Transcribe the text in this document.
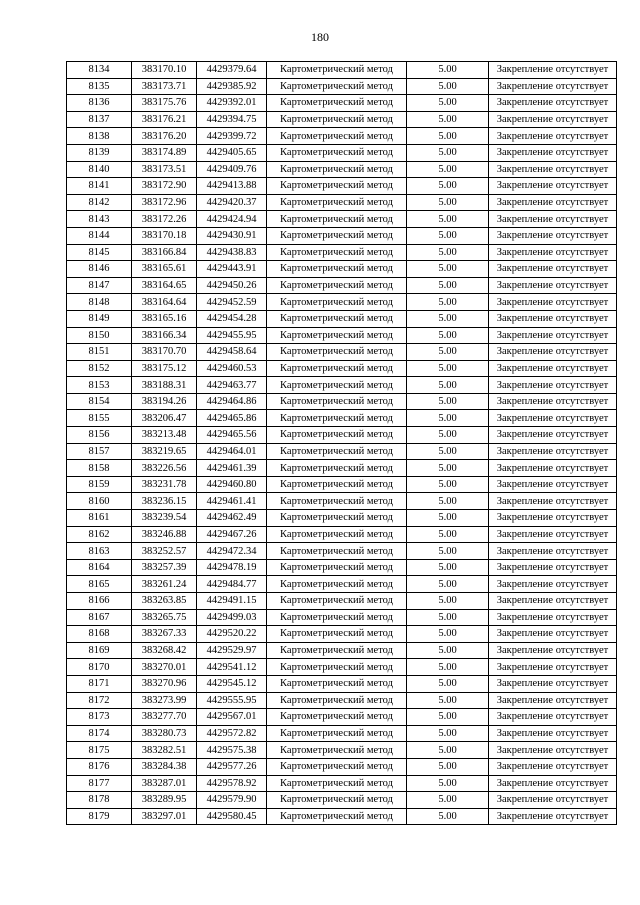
180
8134	383170.10	4429379.64	Картометрический метод	5.00	Закрепление отсутствует
8135	383173.71	4429385.92	Картометрический метод	5.00	Закрепление отсутствует
8136	383175.76	4429392.01	Картометрический метод	5.00	Закрепление отсутствует
8137	383176.21	4429394.75	Картометрический метод	5.00	Закрепление отсутствует
8138	383176.20	4429399.72	Картометрический метод	5.00	Закрепление отсутствует
8139	383174.89	4429405.65	Картометрический метод	5.00	Закрепление отсутствует
8140	383173.51	4429409.76	Картометрический метод	5.00	Закрепление отсутствует
8141	383172.90	4429413.88	Картометрический метод	5.00	Закрепление отсутствует
8142	383172.96	4429420.37	Картометрический метод	5.00	Закрепление отсутствует
8143	383172.26	4429424.94	Картометрический метод	5.00	Закрепление отсутствует
8144	383170.18	4429430.91	Картометрический метод	5.00	Закрепление отсутствует
8145	383166.84	4429438.83	Картометрический метод	5.00	Закрепление отсутствует
8146	383165.61	4429443.91	Картометрический метод	5.00	Закрепление отсутствует
8147	383164.65	4429450.26	Картометрический метод	5.00	Закрепление отсутствует
8148	383164.64	4429452.59	Картометрический метод	5.00	Закрепление отсутствует
8149	383165.16	4429454.28	Картометрический метод	5.00	Закрепление отсутствует
8150	383166.34	4429455.95	Картометрический метод	5.00	Закрепление отсутствует
8151	383170.70	4429458.64	Картометрический метод	5.00	Закрепление отсутствует
8152	383175.12	4429460.53	Картометрический метод	5.00	Закрепление отсутствует
8153	383188.31	4429463.77	Картометрический метод	5.00	Закрепление отсутствует
8154	383194.26	4429464.86	Картометрический метод	5.00	Закрепление отсутствует
8155	383206.47	4429465.86	Картометрический метод	5.00	Закрепление отсутствует
8156	383213.48	4429465.56	Картометрический метод	5.00	Закрепление отсутствует
8157	383219.65	4429464.01	Картометрический метод	5.00	Закрепление отсутствует
8158	383226.56	4429461.39	Картометрический метод	5.00	Закрепление отсутствует
8159	383231.78	4429460.80	Картометрический метод	5.00	Закрепление отсутствует
8160	383236.15	4429461.41	Картометрический метод	5.00	Закрепление отсутствует
8161	383239.54	4429462.49	Картометрический метод	5.00	Закрепление отсутствует
8162	383246.88	4429467.26	Картометрический метод	5.00	Закрепление отсутствует
8163	383252.57	4429472.34	Картометрический метод	5.00	Закрепление отсутствует
8164	383257.39	4429478.19	Картометрический метод	5.00	Закрепление отсутствует
8165	383261.24	4429484.77	Картометрический метод	5.00	Закрепление отсутствует
8166	383263.85	4429491.15	Картометрический метод	5.00	Закрепление отсутствует
8167	383265.75	4429499.03	Картометрический метод	5.00	Закрепление отсутствует
8168	383267.33	4429520.22	Картометрический метод	5.00	Закрепление отсутствует
8169	383268.42	4429529.97	Картометрический метод	5.00	Закрепление отсутствует
8170	383270.01	4429541.12	Картометрический метод	5.00	Закрепление отсутствует
8171	383270.96	4429545.12	Картометрический метод	5.00	Закрепление отсутствует
8172	383273.99	4429555.95	Картометрический метод	5.00	Закрепление отсутствует
8173	383277.70	4429567.01	Картометрический метод	5.00	Закрепление отсутствует
8174	383280.73	4429572.82	Картометрический метод	5.00	Закрепление отсутствует
8175	383282.51	4429575.38	Картометрический метод	5.00	Закрепление отсутствует
8176	383284.38	4429577.26	Картометрический метод	5.00	Закрепление отсутствует
8177	383287.01	4429578.92	Картометрический метод	5.00	Закрепление отсутствует
8178	383289.95	4429579.90	Картометрический метод	5.00	Закрепление отсутствует
8179	383297.01	4429580.45	Картометрический метод	5.00	Закрепление отсутствует
